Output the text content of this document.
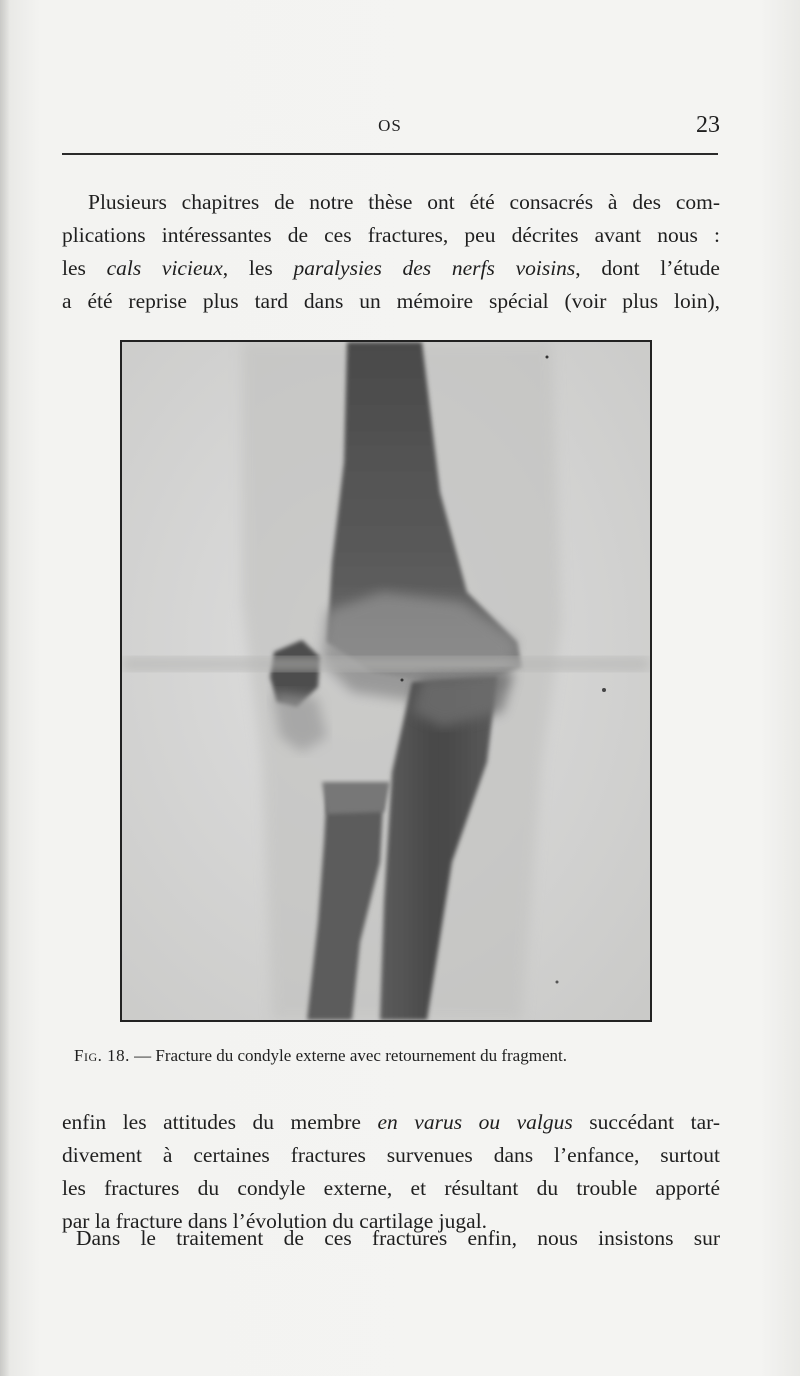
OS	23
Plusieurs chapitres de notre thèse ont été consacrés à des com-
plications intéressantes de ces fractures, peu décrites avant nous :
les cals vicieux, les paralysies des nerfs voisins, dont l’étude
a été reprise plus tard dans un mémoire spécial (voir plus loin),
Fig. 18. — Fracture du condyle externe avec retournement du fragment.
enfin les attitudes du membre en varus ou valgus succédant tar-
divement à certaines fractures survenues dans l’enfance, surtout
les fractures du condyle externe, et résultant du trouble apporté
par la fracture dans l’évolution du cartilage jugal.
Dans le traitement de ces fractures enfin, nous insistons sur
